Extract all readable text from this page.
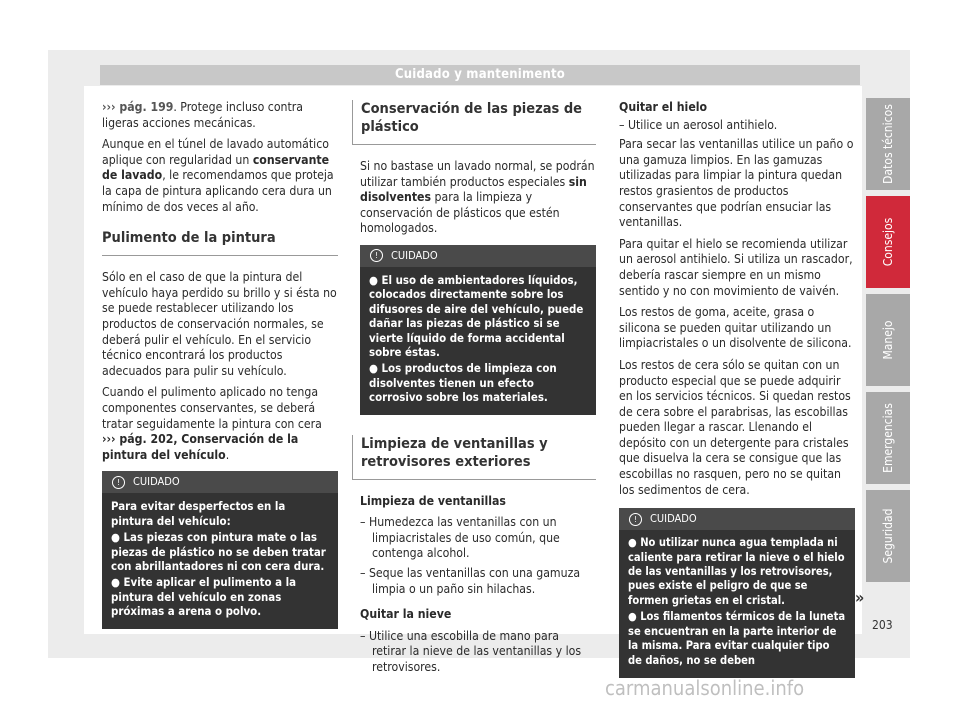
Cuidado y mantenimento

››› pág. 199. Protege incluso contra ligeras acciones mecánicas.

Aunque en el túnel de lavado automático aplique con regularidad un conservante de lavado, le recomendamos que proteja la capa de pintura aplicando cera dura un mínimo de dos veces al año.

Pulimento de la pintura

Sólo en el caso de que la pintura del vehículo haya perdido su brillo y si ésta no se puede restablecer utilizando los productos de conservación normales, se deberá pulir el vehículo. En el servicio técnico encontrará los productos adecuados para pulir su vehículo.

Cuando el pulimento aplicado no tenga componentes conservantes, se deberá tratar seguidamente la pintura con cera ››› pág. 202, Conservación de la pintura del vehículo.

! CUIDADO
Para evitar desperfectos en la pintura del vehículo:
● Las piezas con pintura mate o las piezas de plástico no se deben tratar con abrillantadores ni con cera dura.
● Evite aplicar el pulimento a la pintura del vehículo en zonas próximas a arena o polvo.
Conservación de las piezas de plástico

Si no bastase un lavado normal, se podrán utilizar también productos especiales sin disolventes para la limpieza y conservación de plásticos que estén homologados.

! CUIDADO
● El uso de ambientadores líquidos, colocados directamente sobre los difusores de aire del vehículo, puede dañar las piezas de plástico si se vierte líquido de forma accidental sobre éstas.
● Los productos de limpieza con disolventes tienen un efecto corrosivo sobre los materiales.
Limpieza de ventanillas y retrovisores exteriores

Limpieza de ventanillas

– Humedezca las ventanillas con un limpiacristales de uso común, que contenga alcohol.
– Seque las ventanillas con una gamuza limpia o un paño sin hilachas.

Quitar la nieve

– Utilice una escobilla de mano para retirar la nieve de las ventanillas y los retrovisores.

Quitar el hielo

– Utilice un aerosol antihielo.

Para secar las ventanillas utilice un paño o una gamuza limpios. En las gamuzas utilizadas para limpiar la pintura quedan restos grasientos de productos conservantes que podrían ensuciar las ventanillas.

Para quitar el hielo se recomienda utilizar un aerosol antihielo. Si utiliza un rascador, debería rascar siempre en un mismo sentido y no con movimiento de vaivén.

Los restos de goma, aceite, grasa o silicona se pueden quitar utilizando un limpiacristales o un disolvente de silicona.

Los restos de cera sólo se quitan con un producto especial que se puede adquirir en los servicios técnicos. Si quedan restos de cera sobre el parabrisas, las escobillas pueden llegar a rascar. Llenando el depósito con un detergente para cristales que disuelva la cera se consigue que las escobillas no rasquen, pero no se quitan los sedimentos de cera.

! CUIDADO
● No utilizar nunca agua templada ni caliente para retirar la nieve o el hielo de las ventanillas y los retrovisores, pues existe el peligro de que se formen grietas en el cristal.
● Los filamentos térmicos de la luneta se encuentran en la parte interior de la misma. Para evitar cualquier tipo de daños, no se deben
»
Datos técnicos
Consejos
Manejo
Emergencias
Seguridad
203
carmanualsonline.info
